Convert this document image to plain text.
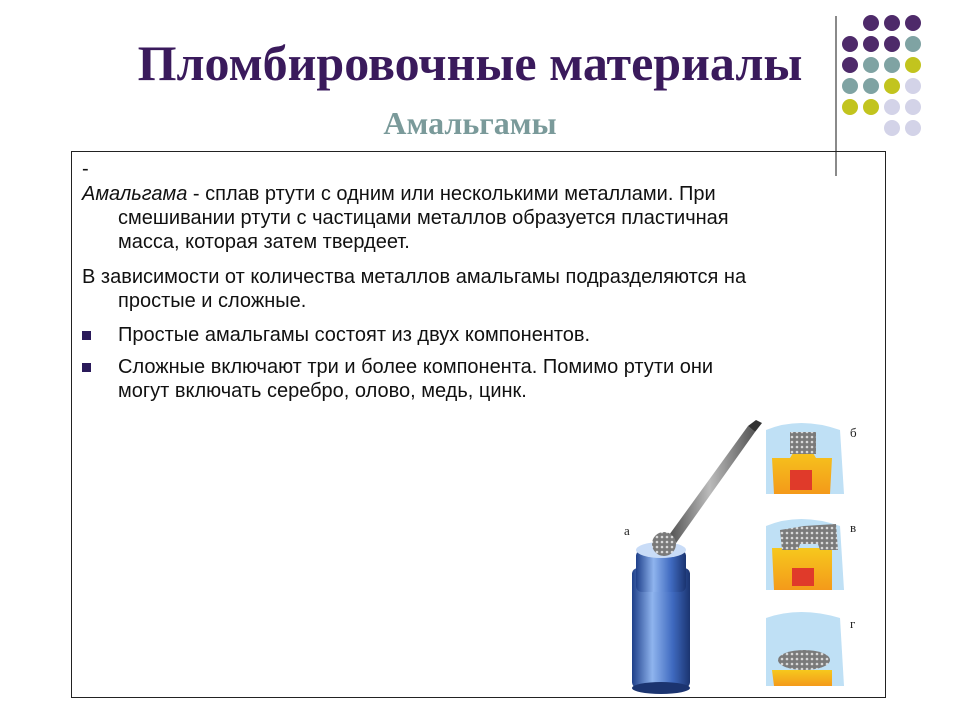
Пломбировочные материалы
Амальгамы

-

Амальгама - сплав ртути с одним или несколькими металлами. При
смешивании ртути с частицами металлов образуется пластичная
масса, которая затем твердеет.

В зависимости от количества металлов амальгамы подразделяются на
простые и сложные.

Простые амальгамы состоят из двух компонентов.
Сложные включают три и более компонента. Помимо ртути они
могут включать серебро, олово, медь, цинк.
а
б
в
г
